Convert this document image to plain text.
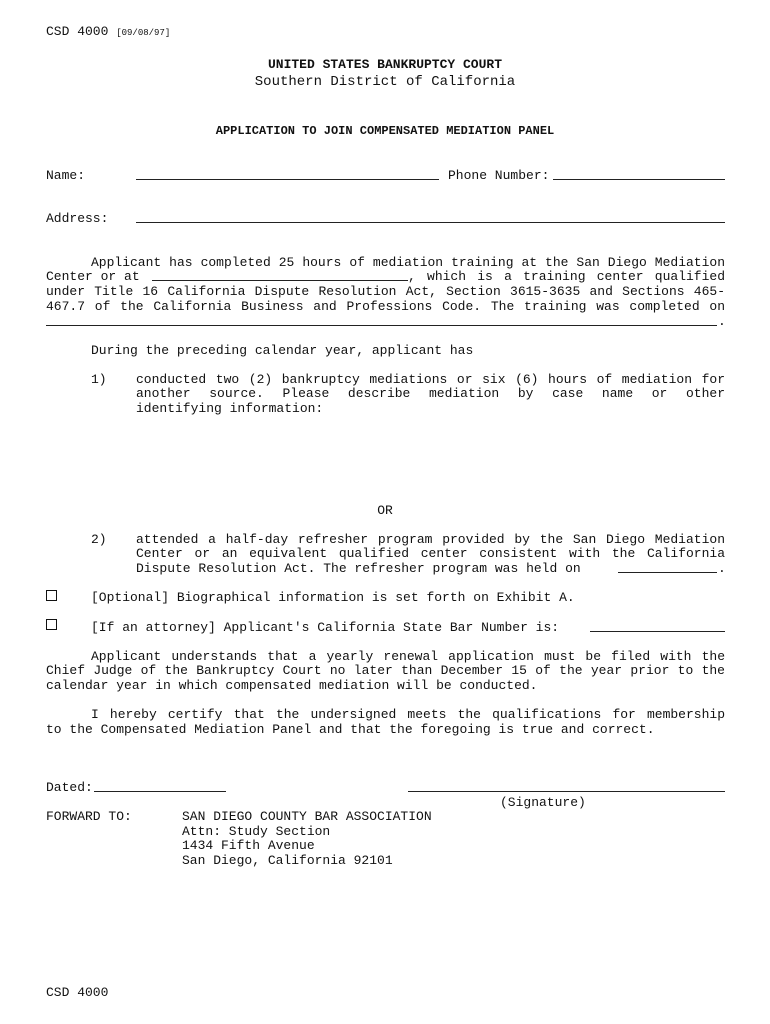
CSD 4000 [09/08/97]
UNITED STATES BANKRUPTCY COURT
Southern District of California
APPLICATION TO JOIN COMPENSATED MEDIATION PANEL
Name:	Phone Number:
Address:
Applicant has completed 25 hours of mediation training at the San Diego Mediation
Center or at	, which is a training center qualified
under Title 16 California Dispute Resolution Act, Section 3615-3635 and Sections 465-
467.7 of the California Business and Professions Code. The training was completed on
.
During the preceding calendar year, applicant has
1) conducted two (2) bankruptcy mediations or six (6) hours of mediation for
another source. Please describe mediation by case name or other
identifying information:
OR
2) attended a half-day refresher program provided by the San Diego Mediation
Center or an equivalent qualified center consistent with the California
Dispute Resolution Act. The refresher program was held on	.
[Optional] Biographical information is set forth on Exhibit A.
[If an attorney] Applicant's California State Bar Number is:
Applicant understands that a yearly renewal application must be filed with the
Chief Judge of the Bankruptcy Court no later than December 15 of the year prior to the
calendar year in which compensated mediation will be conducted.
I hereby certify that the undersigned meets the qualifications for membership
to the Compensated Mediation Panel and that the foregoing is true and correct.
Dated:
(Signature)
FORWARD TO:	SAN DIEGO COUNTY BAR ASSOCIATION
Attn: Study Section
1434 Fifth Avenue
San Diego, California 92101
CSD 4000
